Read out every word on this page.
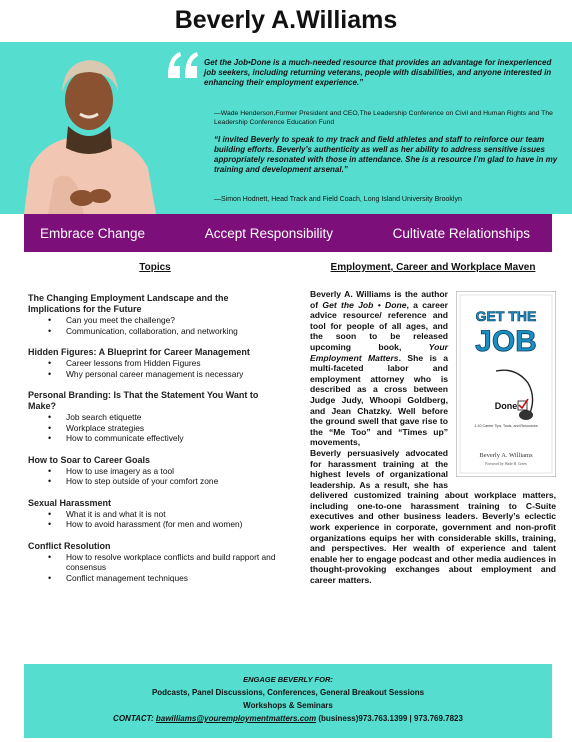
Beverly A.Williams
Get the Job•Done is a much-needed resource that provides an advantage for inexperienced job seekers, including returning veterans, people with disabilities, and anyone interested in enhancing their employment experience.”
—Wade Henderson,Former President and CEO,The Leadership Conference on Civil and Human Rights and The Leadership Conference Education Fund
“I invited Beverly to speak to my track and field athletes and staff to reinforce our team building efforts. Beverly’s authenticity as well as her ability to address sensitive issues appropriately resonated with those in attendance. She is a resource I’m glad to have in my training and development arsenal.”
—Simon Hodnett, Head Track and Field Coach, Long Island University Brooklyn
Embrace Change	Accept Responsibility	Cultivate Relationships
Topics
The Changing Employment Landscape and the Implications for the Future
• Can you meet the challenge?
• Communication, collaboration, and networking
Hidden Figures: A Blueprint for Career Management
• Career lessons from Hidden Figures
• Why personal career management is necessary
Personal Branding: Is That the Statement You Want to Make?
• Job search etiquette
• Workplace strategies
• How to communicate effectively
How to Soar to Career Goals
• How to use imagery as a tool
• How to step outside of your comfort zone
Sexual Harassment
• What it is and what it is not
• How to avoid harassment (for men and women)
Conflict Resolution
• How to resolve workplace conflicts and build rapport and consensus
• Conflict management techniques
Employment, Career and Workplace Maven
GET THE
JOB
Done
1-10 Career Tips, Tools, and Resources
Beverly A. Williams
Foreword by Wade H. Green
Beverly A. Williams is the author of Get the Job • Done, a career advice resource/ reference and tool for people of all ages, and the soon to be released upcoming book, Your Employment Matters. She is a multi-faceted labor and employment attorney who is described as a cross between Judge Judy, Whoopi Goldberg, and Jean Chatzky. Well before the ground swell that gave rise to the “Me Too” and “Times up” movements,
Beverly persuasively advocated for harassment training at the highest levels of organizational leadership. As a result, she has delivered customized training about workplace matters, including one-to-one harassment training to C-Suite executives and other business leaders. Beverly’s eclectic work experience in corporate, government and non-profit organizations equips her with considerable skills, training, and perspectives. Her wealth of experience and talent enable her to engage podcast and other media audiences in thought-provoking exchanges about employment and career matters.
ENGAGE BEVERLY FOR:
Podcasts, Panel Discussions, Conferences, General Breakout Sessions
Workshops & Seminars
CONTACT: bawilliams@youremploymentmatters.com (business)973.763.1399 | 973.769.7823
